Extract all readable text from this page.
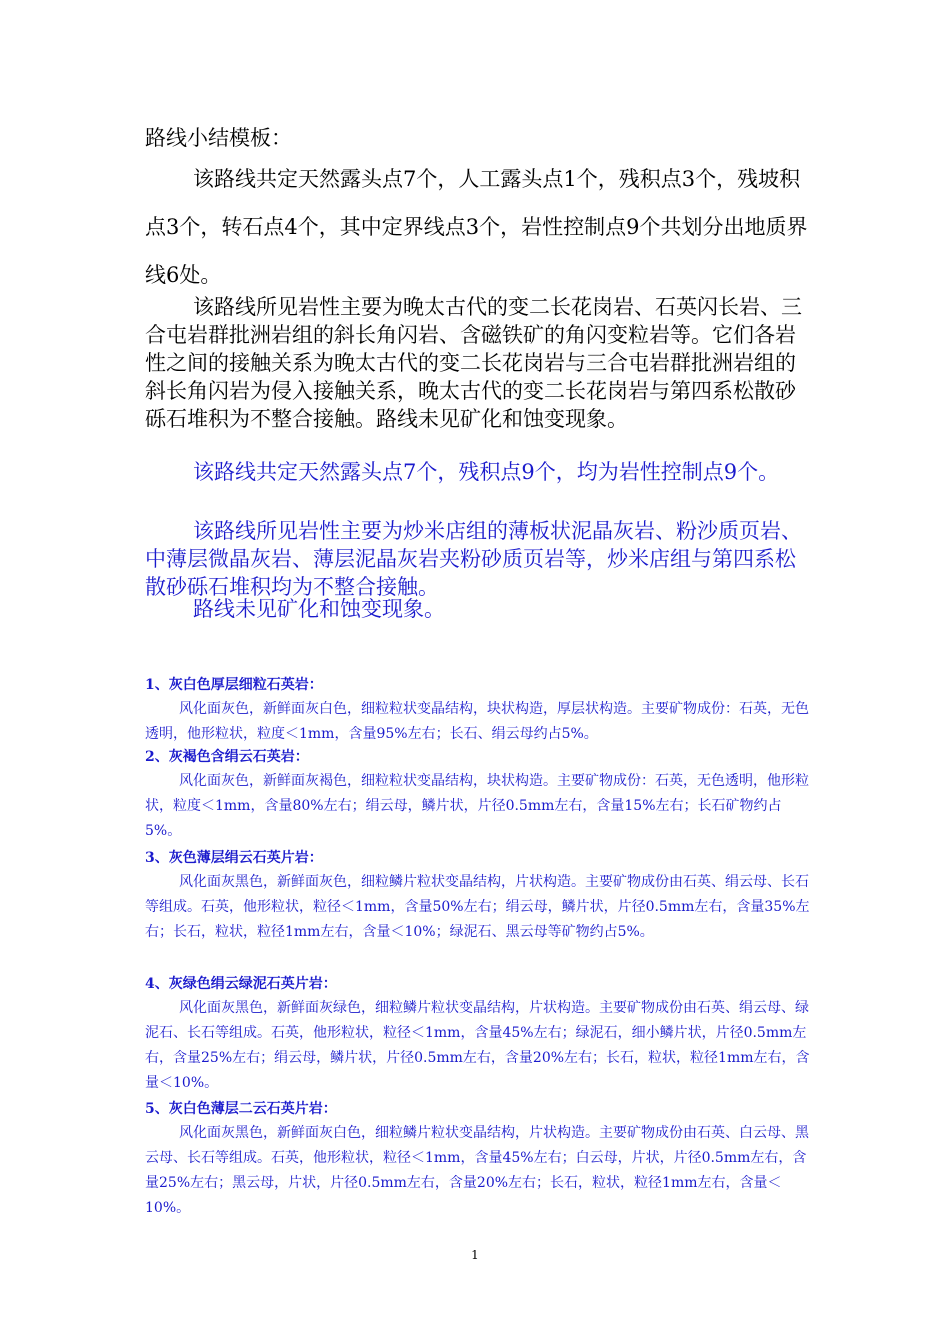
路线小结模板：
该路线共定天然露头点7个，人工露头点1个，残积点3个，残坡积点3个，转石点4个，其中定界线点3个，岩性控制点9个共划分出地质界线6处。
该路线所见岩性主要为晚太古代的变二长花岗岩、石英闪长岩、三合屯岩群批洲岩组的斜长角闪岩、含磁铁矿的角闪变粒岩等。它们各岩性之间的接触关系为晚太古代的变二长花岗岩与三合屯岩群批洲岩组的斜长角闪岩为侵入接触关系，晚太古代的变二长花岗岩与第四系松散砂砾石堆积为不整合接触。路线未见矿化和蚀变现象。
该路线共定天然露头点7个，残积点9个，均为岩性控制点9个。
该路线所见岩性主要为炒米店组的薄板状泥晶灰岩、粉沙质页岩、中薄层微晶灰岩、薄层泥晶灰岩夹粉砂质页岩等，炒米店组与第四系松散砂砾石堆积均为不整合接触。
路线未见矿化和蚀变现象。
1、灰白色厚层细粒石英岩：

风化面灰色，新鲜面灰白色，细粒粒状变晶结构，块状构造，厚层状构造。主要矿物成份：石英，无色透明，他形粒状，粒度＜1mm，含量95%左右；长石、绢云母约占5%。

2、灰褐色含绢云石英岩：

风化面灰色，新鲜面灰褐色，细粒粒状变晶结构，块状构造。主要矿物成份：石英，无色透明，他形粒状，粒度＜1mm，含量80%左右；绢云母，鳞片状，片径0.5mm左右，含量15%左右；长石矿物约占5%。

3、灰色薄层绢云石英片岩：

风化面灰黑色，新鲜面灰色，细粒鳞片粒状变晶结构，片状构造。主要矿物成份由石英、绢云母、长石等组成。石英，他形粒状，粒径＜1mm，含量50%左右；绢云母，鳞片状，片径0.5mm左右，含量35%左右；长石，粒状，粒径1mm左右，含量＜10%；绿泥石、黑云母等矿物约占5%。

4、灰绿色绢云绿泥石英片岩：

风化面灰黑色，新鲜面灰绿色，细粒鳞片粒状变晶结构，片状构造。主要矿物成份由石英、绢云母、绿泥石、长石等组成。石英，他形粒状，粒径＜1mm，含量45%左右；绿泥石，细小鳞片状，片径0.5mm左右，含量25%左右；绢云母，鳞片状，片径0.5mm左右，含量20%左右；长石，粒状，粒径1mm左右，含量＜10%。

5、灰白色薄层二云石英片岩：

风化面灰黑色，新鲜面灰白色，细粒鳞片粒状变晶结构，片状构造。主要矿物成份由石英、白云母、黑云母、长石等组成。石英，他形粒状，粒径＜1mm，含量45%左右；白云母，片状，片径0.5mm左右，含量25%左右；黑云母，片状，片径0.5mm左右，含量20%左右；长石，粒状，粒径1mm左右，含量＜10%。

1
